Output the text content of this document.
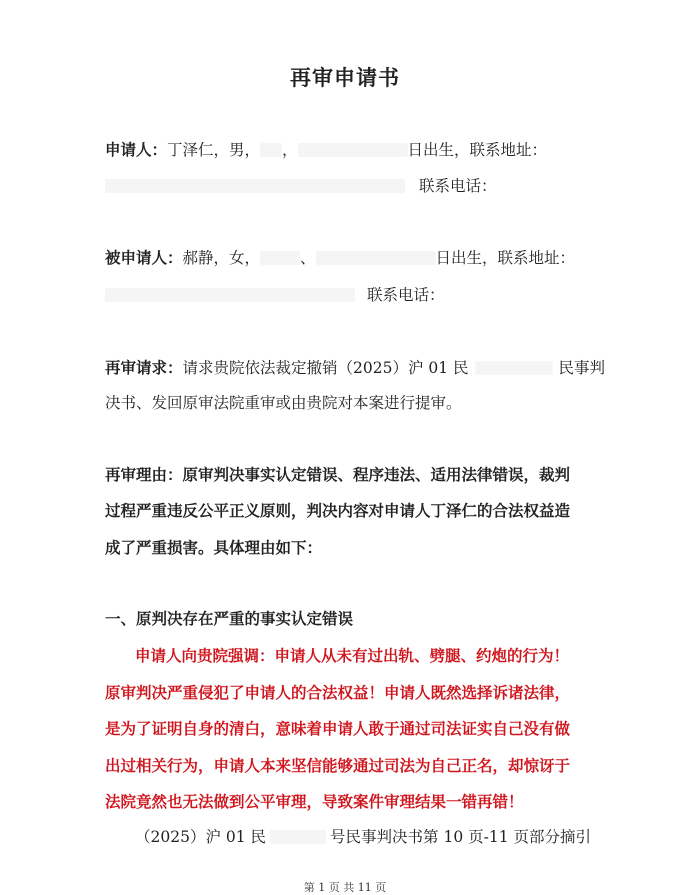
再审申请书
申请人：丁泽仁，男， ，	日出生，联系地址：
联系电话：
被申请人：郝静，女，	、	日出生，联系地址：
联系电话：
再审请求：请求贵院依法裁定撤销（2025）沪 01 民	民事判
决书、发回原审法院重审或由贵院对本案进行提审。
再审理由：原审判决事实认定错误、程序违法、适用法律错误，裁判
过程严重违反公平正义原则，判决内容对申请人丁泽仁的合法权益造
成了严重损害。具体理由如下：
一、原判决存在严重的事实认定错误
申请人向贵院强调：申请人从未有过出轨、劈腿、约炮的行为！
原审判决严重侵犯了申请人的合法权益！申请人既然选择诉诸法律，
是为了证明自身的清白，意味着申请人敢于通过司法证实自己没有做
出过相关行为，申请人本来坚信能够通过司法为自己正名，却惊讶于
法院竟然也无法做到公平审理，导致案件审理结果一错再错！
（2025）沪 01 民	号民事判决书第 10 页-11 页部分摘引
第 1 页 共 11 页
